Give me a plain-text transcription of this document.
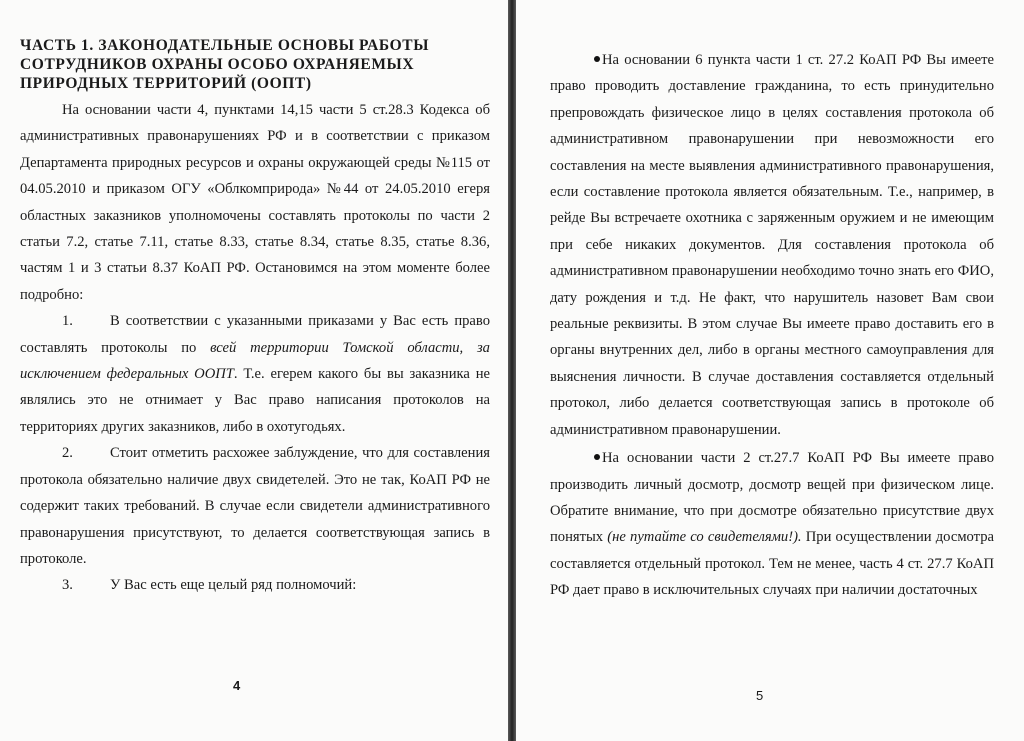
ЧАСТЬ 1. ЗАКОНОДАТЕЛЬНЫЕ ОСНОВЫ РАБОТЫ СОТРУДНИКОВ ОХРАНЫ ОСОБО ОХРАНЯЕМЫХ ПРИРОДНЫХ ТЕРРИТОРИЙ (ООПТ)

На основании части 4, пунктами 14,15 части 5 ст.28.3 Кодекса об административных правонарушениях РФ и в соответствии с приказом Департамента природных ресурсов и охраны окружающей среды №115 от 04.05.2010 и приказом ОГУ «Облкомприрода» №44 от 24.05.2010 егеря областных заказников уполномочены составлять протоколы по части 2 статьи 7.2, статье 7.11, статье 8.33, статье 8.34, статье 8.35, статье 8.36, частям 1 и 3 статьи 8.37 КоАП РФ. Остановимся на этом моменте более подробно:

1.	В соответствии с указанными приказами у Вас есть право составлять протоколы по всей территории Томской области, за исключением федеральных ООПТ. Т.е. егерем какого бы вы заказника не являлись это не отнимает у Вас право написания протоколов на территориях других заказников, либо в охотугодьях.

2.	Стоит отметить расхожее заблуждение, что для составления протокола обязательно наличие двух свидетелей. Это не так, КоАП РФ не содержит таких требований. В случае если свидетели административного правонарушения присутствуют, то делается соответствующая запись в протоколе.

3.	У Вас есть еще целый ряд полномочий:

4

На основании 6 пункта части 1 ст. 27.2 КоАП РФ Вы имеете право проводить доставление гражданина, то есть принудительно препровождать физическое лицо в целях составления протокола об административном правонарушении при невозможности его составления на месте выявления административного правонарушения, если составление протокола является обязательным. Т.е., например, в рейде Вы встречаете охотника с заряженным оружием и не имеющим при себе никаких документов. Для составления протокола об административном правонарушении необходимо точно знать его ФИО, дату рождения и т.д. Не факт, что нарушитель назовет Вам свои реальные реквизиты. В этом случае Вы имеете право доставить его в органы внутренних дел, либо в органы местного самоуправления для выяснения личности. В случае доставления составляется отдельный протокол, либо делается соответствующая запись в протоколе об административном правонарушении.

На основании части 2 ст.27.7 КоАП РФ Вы имеете право производить личный досмотр, досмотр вещей при физическом лице. Обратите внимание, что при досмотре обязательно присутствие двух понятых (не путайте со свидетелями!). При осуществлении досмотра составляется отдельный протокол. Тем не менее, часть 4 ст. 27.7 КоАП РФ дает право в исключительных случаях при наличии достаточных

5
